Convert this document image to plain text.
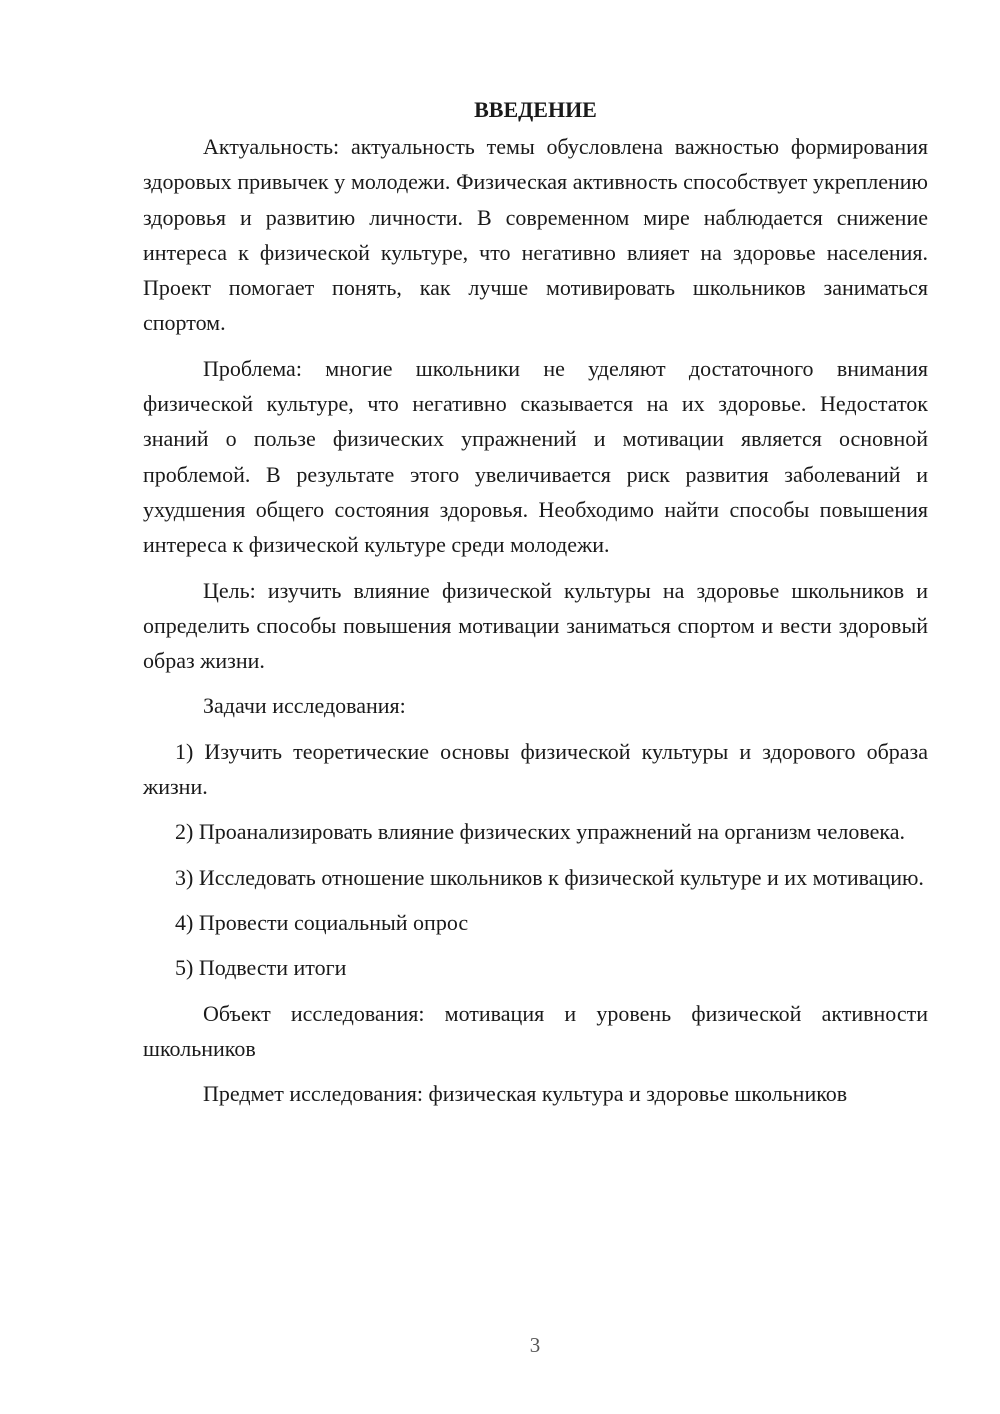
ВВЕДЕНИЕ

Актуальность: актуальность темы обусловлена важностью формирования здоровых привычек у молодежи. Физическая активность способствует укреплению здоровья и развитию личности. В современном мире наблюдается снижение интереса к физической культуре, что негативно влияет на здоровье населения. Проект помогает понять, как лучше мотивировать школьников заниматься спортом.

Проблема: многие школьники не уделяют достаточного внимания физической культуре, что негативно сказывается на их здоровье. Недостаток знаний о пользе физических упражнений и мотивации является основной проблемой. В результате этого увеличивается риск развития заболеваний и ухудшения общего состояния здоровья. Необходимо найти способы повышения интереса к физической культуре среди молодежи.

Цель: изучить влияние физической культуры на здоровье школьников и определить способы повышения мотивации заниматься спортом и вести здоровый образ жизни.

Задачи исследования:

1) Изучить теоретические основы физической культуры и здорового образа жизни.

2) Проанализировать влияние физических упражнений на организм человека.

3) Исследовать отношение школьников к физической культуре и их мотивацию.

4) Провести социальный опрос

5) Подвести итоги

Объект исследования: мотивация и уровень физической активности школьников

Предмет исследования: физическая культура и здоровье школьников

3
